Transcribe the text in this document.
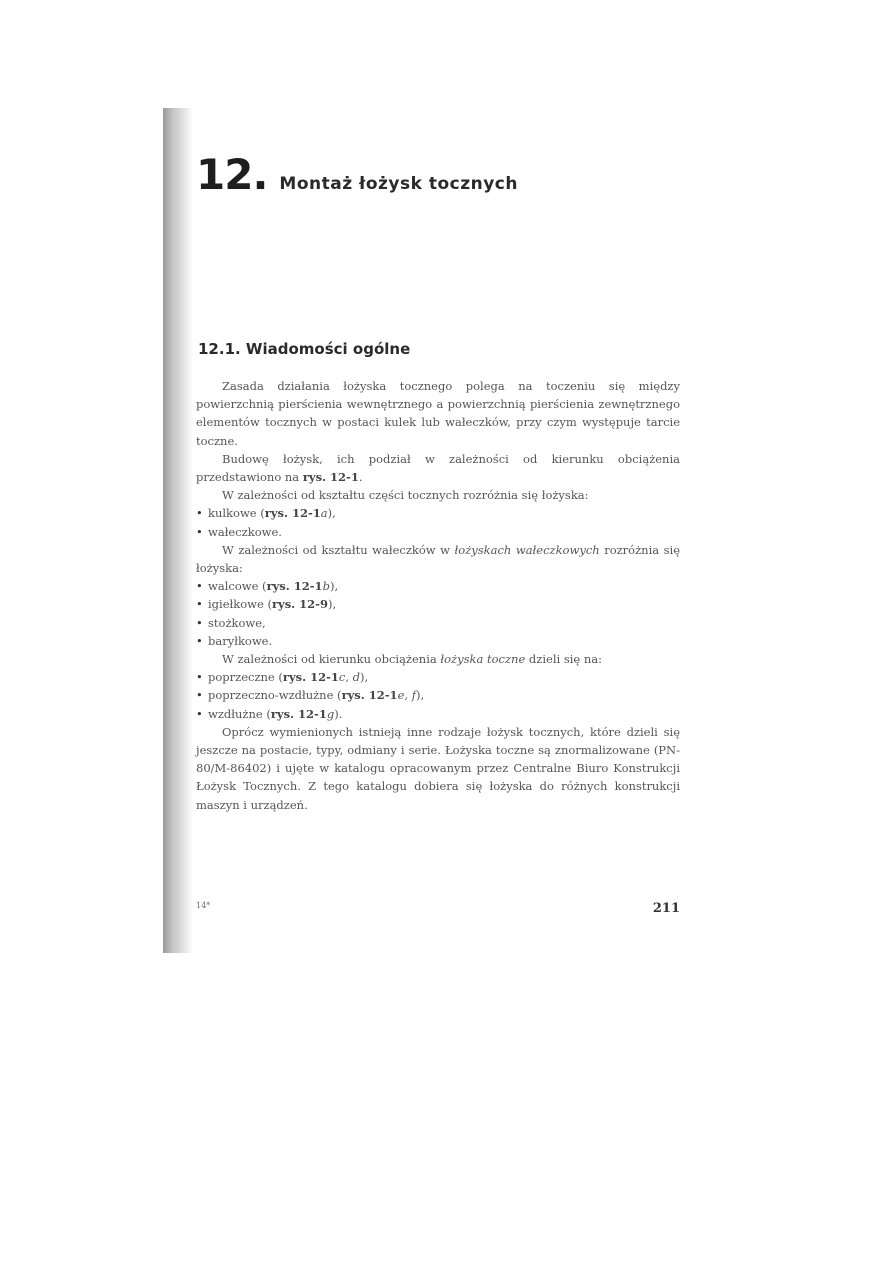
12. Montaż łożysk tocznych
12.1. Wiadomości ogólne

Zasada działania łożyska tocznego polega na toczeniu się między powierzchnią pierścienia wewnętrznego a powierzchnią pierścienia zewnętrznego elementów tocznych w postaci kulek lub wałeczków, przy czym występuje tarcie toczne.

Budowę łożysk, ich podział w zależności od kierunku obciążenia przedstawiono na rys. 12-1.

W zależności od kształtu części tocznych rozróżnia się łożyska:

• kulkowe (rys. 12-1a),
• wałeczkowe.

W zależności od kształtu wałeczków w łożyskach wałeczkowych rozróżnia się łożyska:

• walcowe (rys. 12-1b),
• igiełkowe (rys. 12-9),
• stożkowe,
• baryłkowe.

W zależności od kierunku obciążenia łożyska toczne dzieli się na:

• poprzeczne (rys. 12-1c, d),
• poprzeczno-wzdłużne (rys. 12-1e, f),
• wzdłużne (rys. 12-1g).

Oprócz wymienionych istnieją inne rodzaje łożysk tocznych, które dzieli się jeszcze na postacie, typy, odmiany i serie. Łożyska toczne są znormalizowane (PN-80/M-86402) i ujęte w katalogu opracowanym przez Centralne Biuro Konstrukcji Łożysk Tocznych. Z tego katalogu dobiera się łożyska do różnych konstrukcji maszyn i urządzeń.

14*	211
